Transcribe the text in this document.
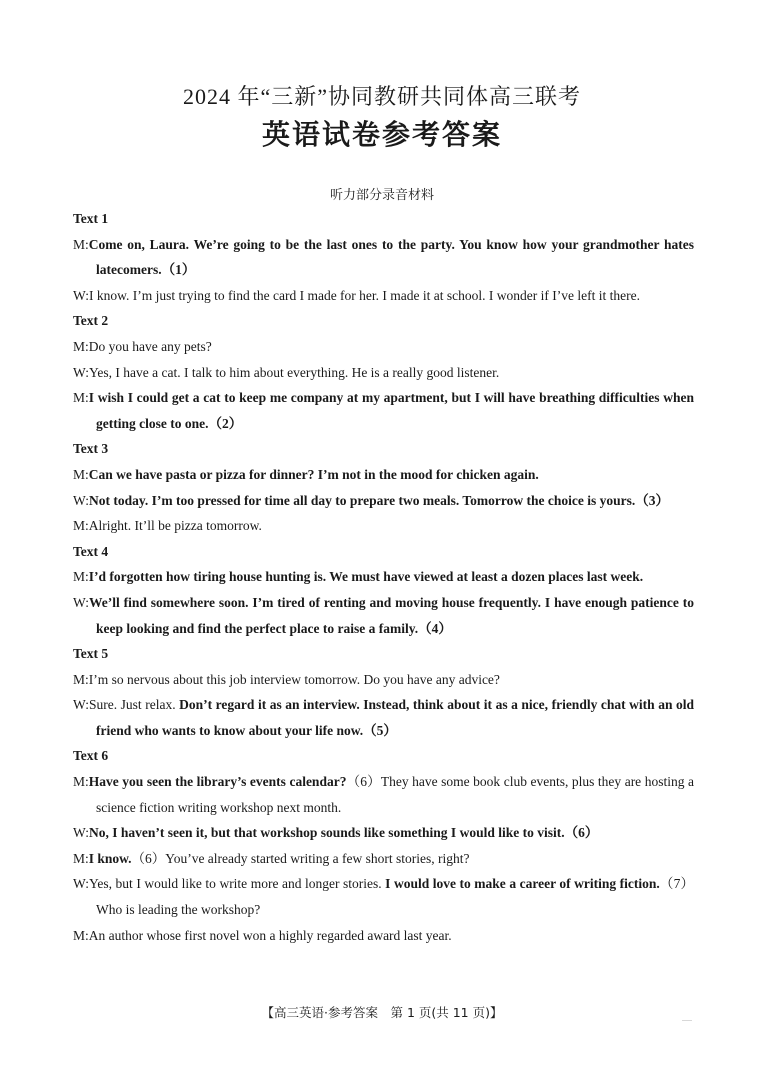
2024 年“三新”协同教研共同体高三联考
英语试卷参考答案
听力部分录音材料
Text 1
M:Come on, Laura. We’re going to be the last ones to the party. You know how your grandmother hates latecomers.（1）
W:I know. I’m just trying to find the card I made for her. I made it at school. I wonder if I’ve left it there.
Text 2
M:Do you have any pets?
W:Yes, I have a cat. I talk to him about everything. He is a really good listener.
M:I wish I could get a cat to keep me company at my apartment, but I will have breathing difficulties when getting close to one.（2）
Text 3
M:Can we have pasta or pizza for dinner? I’m not in the mood for chicken again.
W:Not today. I’m too pressed for time all day to prepare two meals. Tomorrow the choice is yours.（3）
M:Alright. It’ll be pizza tomorrow.
Text 4
M:I’d forgotten how tiring house hunting is. We must have viewed at least a dozen places last week.
W:We’ll find somewhere soon. I’m tired of renting and moving house frequently. I have enough patience to keep looking and find the perfect place to raise a family.（4）
Text 5
M:I’m so nervous about this job interview tomorrow. Do you have any advice?
W:Sure. Just relax. Don’t regard it as an interview. Instead, think about it as a nice, friendly chat with an old friend who wants to know about your life now.（5）
Text 6
M:Have you seen the library’s events calendar?（6）They have some book club events, plus they are hosting a science fiction writing workshop next month.
W:No, I haven’t seen it, but that workshop sounds like something I would like to visit.（6）
M:I know.（6）You’ve already started writing a few short stories, right?
W:Yes, but I would like to write more and longer stories. I would love to make a career of writing fiction.（7）Who is leading the workshop?
M:An author whose first novel won a highly regarded award last year.
【高三英语·参考答案　第 1 页(共 11 页)】	.....
